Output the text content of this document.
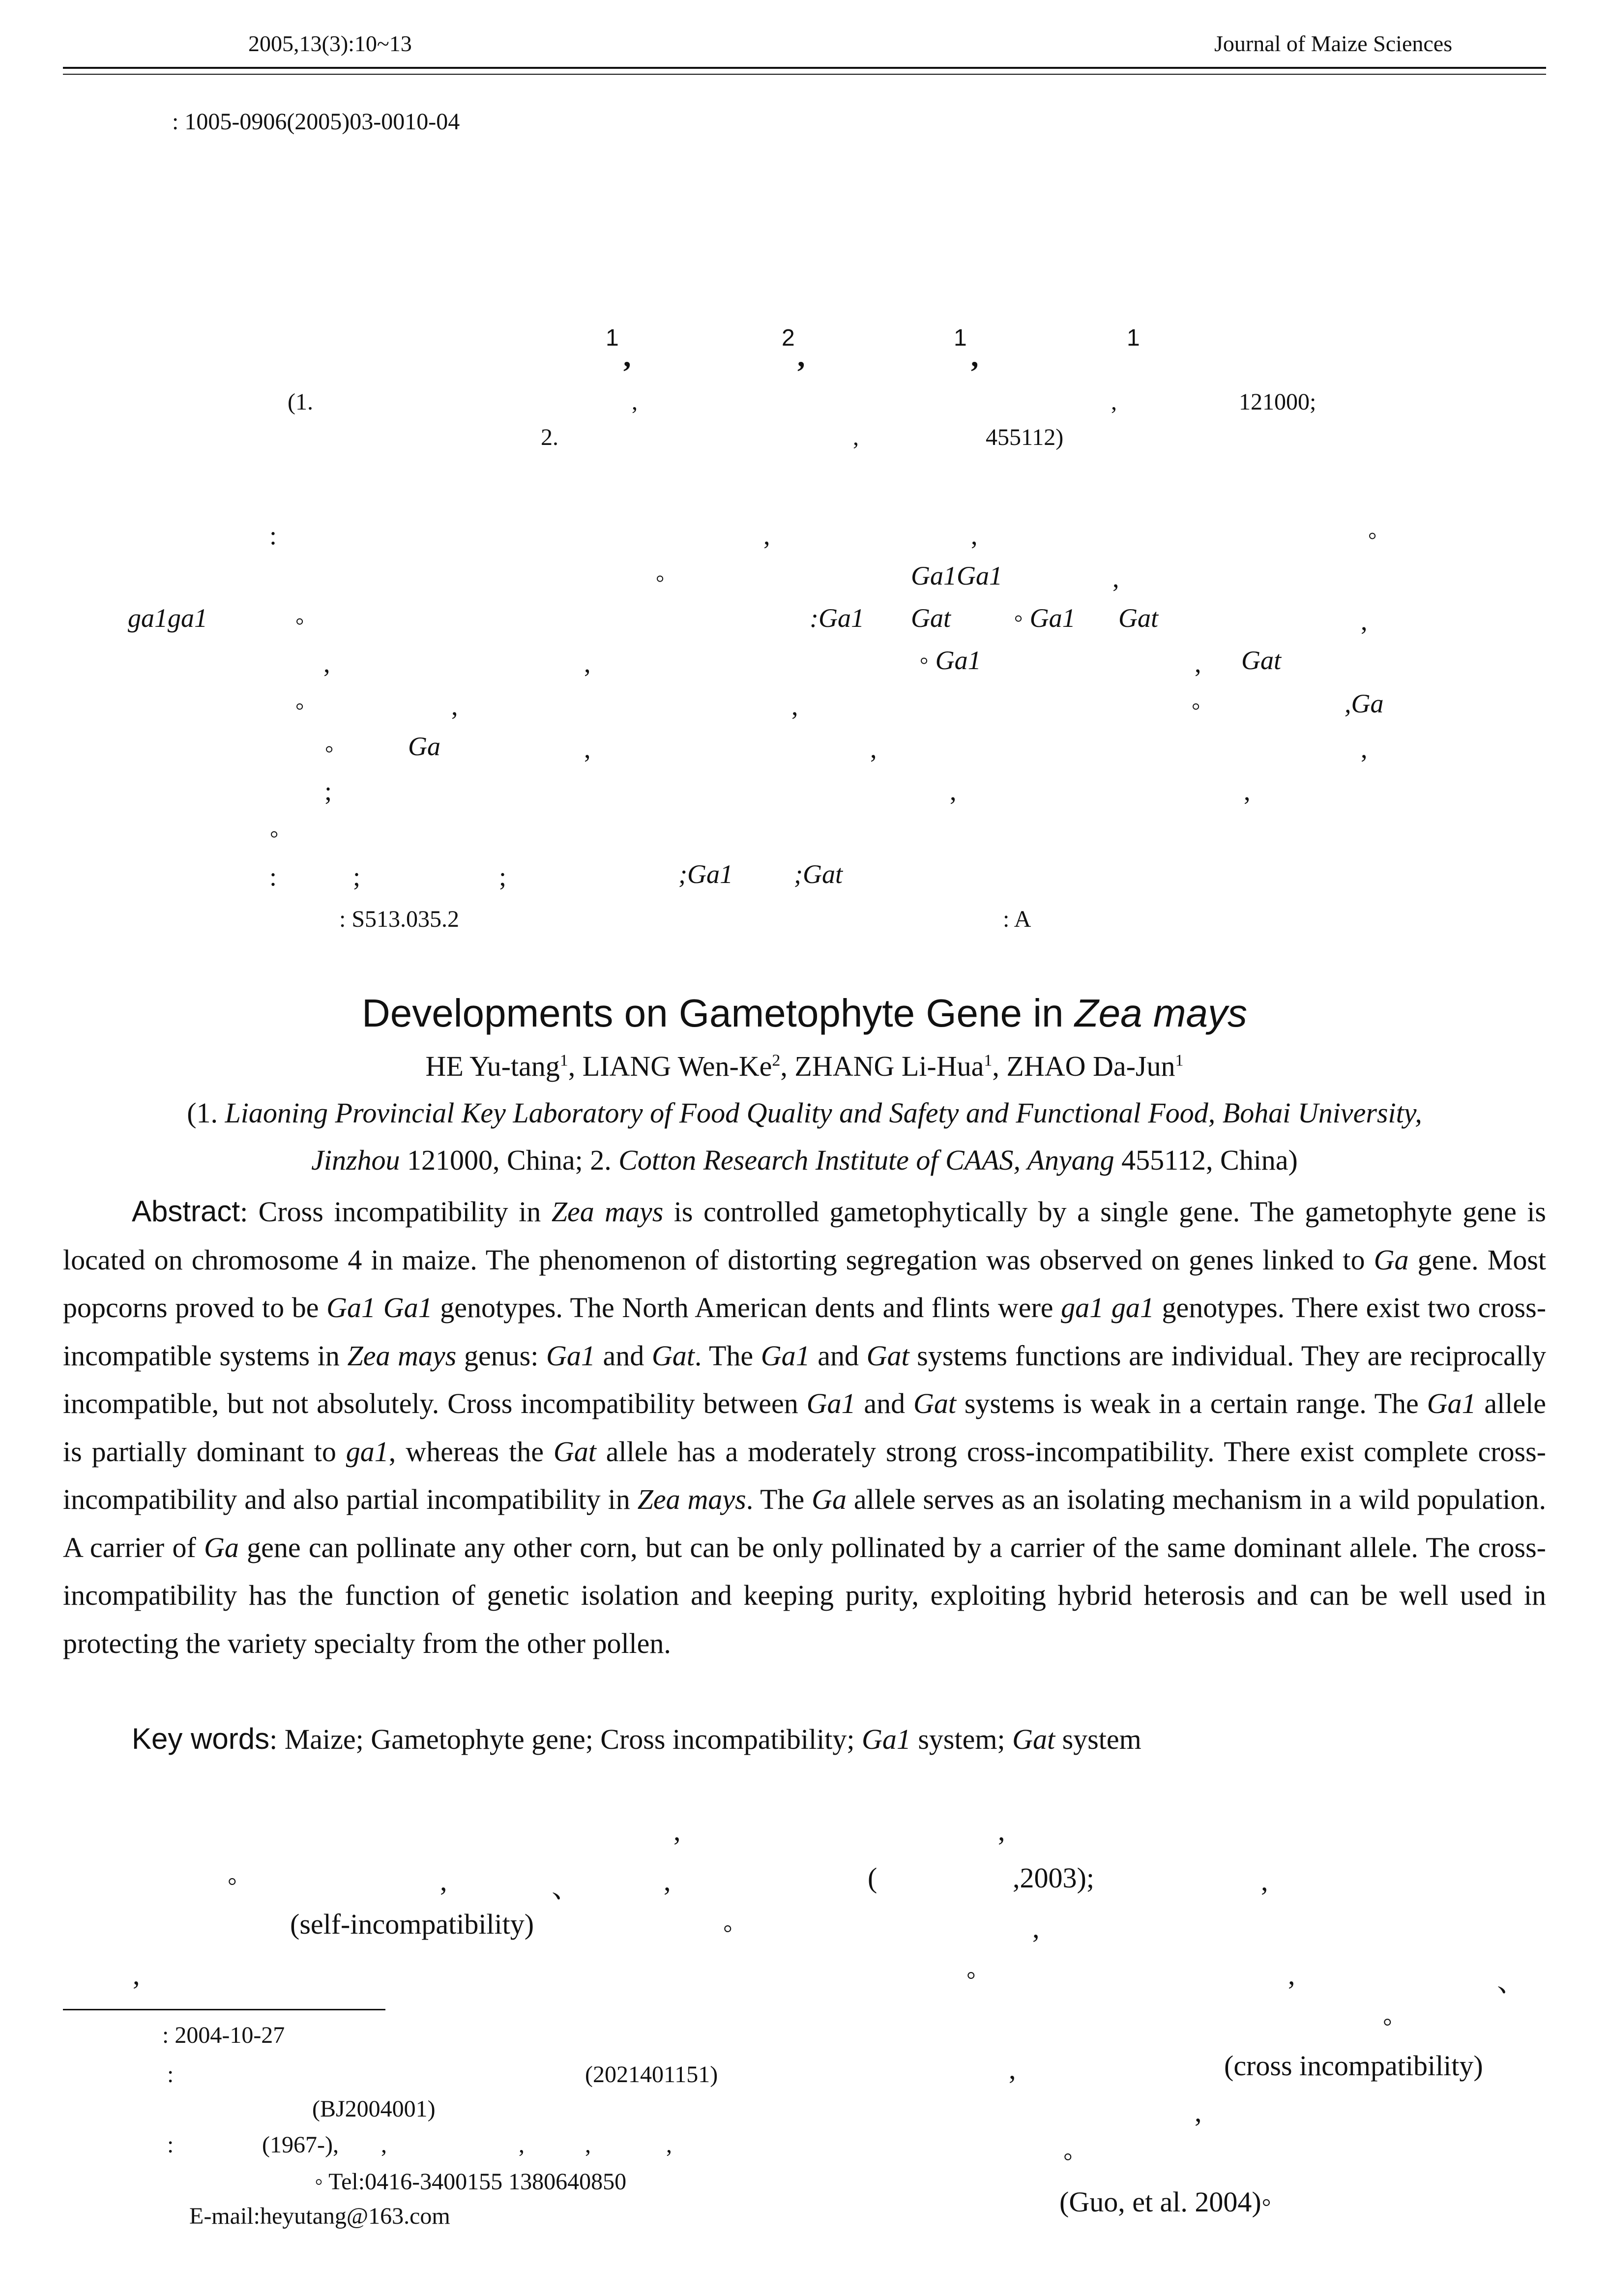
2005,13(3):10~13	Journal of Maize Sciences
: 1005-0906(2005)03-0010-04
1
,
2
,
1
,
1
(1.	,	,	121000;
2.	,	455112)
:	,	,	◦
◦	Ga1Ga1	,
ga1ga1	◦	:Ga1 Gat ◦ Ga1 Gat	,
,	,	◦ Ga1	, Gat
◦	,	,	◦	,Ga
◦	Ga	,	,	,
;	,	,
◦
:	;	;	;Ga1 ;Gat
: S513.035.2	: A
Developments on Gametophyte Gene in Zea mays
HE Yu-tang$^1$, LIANG Wen-Ke$^2$, ZHANG Li-Hua$^1$, ZHAO Da-Jun$^1$
(1. Liaoning Provincial Key Laboratory of Food Quality and Safety and Functional Food, Bohai University,
Jinzhou 121000, China; 2. Cotton Research Institute of CAAS, Anyang 455112, China)

Abstract: Cross incompatibility in Zea mays is controlled gametophytically by a single gene. The gametophyte gene is located on chromosome 4 in maize. The phenomenon of distorting segregation was observed on genes linked to Ga gene. Most popcorns proved to be Ga1 Ga1 genotypes. The North American dents and flints were ga1 ga1 genotypes. There exist two cross-incompatible systems in Zea mays genus: Ga1 and Gat. The Ga1 and Gat systems functions are individual. They are reciprocally incompatible, but not absolutely. Cross incompatibility between Ga1 and Gat systems is weak in a certain range. The Ga1 allele is partially dominant to ga1, whereas the Gat allele has a moderately strong cross-incompatibility. There exist complete cross-incompatibility and also partial incompatibility in Zea mays. The Ga allele serves as an isolating mechanism in a wild population. A carrier of Ga gene can pollinate any other corn, but can be only pollinated by a carrier of the same dominant allele. The cross-incompatibility has the function of genetic isolation and keeping purity, exploiting hybrid heterosis and can be well used in protecting the variety specialty from the other pollen.

Key words: Maize; Gametophyte gene; Cross incompatibility; Ga1 system; Gat system

,	,
◦	,	、	,	(	,2003);	,
(self-incompatibility)	◦	,
,	◦	,	、
◦
,	(cross incompatibility)
,
◦
(Guo, et al. 2004)◦
: 2004-10-27
:	(2021401151)
(BJ2004001)
:	(1967-), ,	,	,	,
◦ Tel:0416-3400155 1380640850
E-mail:heyutang@163.com
